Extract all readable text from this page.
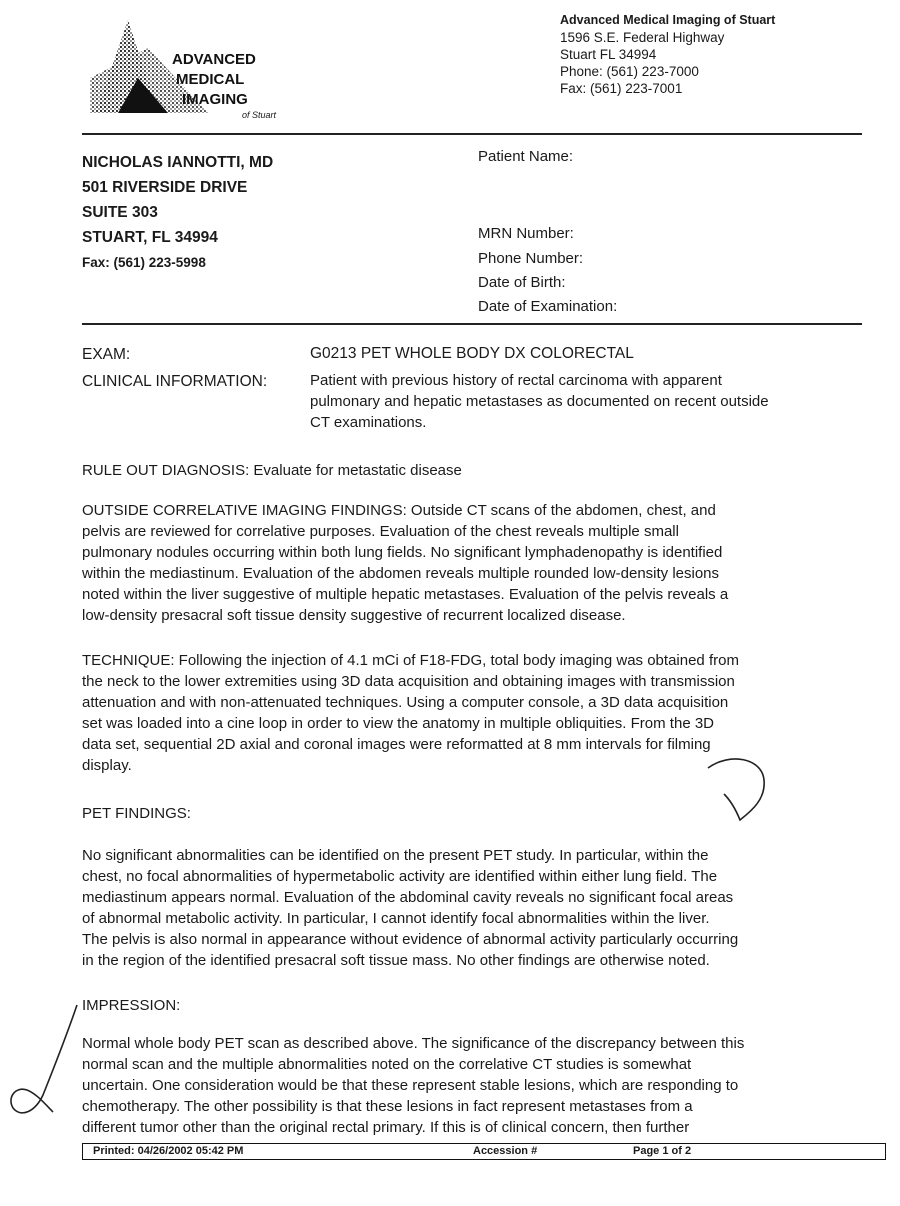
ADVANCED
MEDICAL
IMAGING
of Stuart
Advanced Medical Imaging of Stuart
1596 S.E. Federal Highway
Stuart FL 34994
Phone: (561) 223-7000
Fax: (561) 223-7001
NICHOLAS IANNOTTI, MD
501 RIVERSIDE DRIVE
SUITE 303
STUART, FL 34994
Fax: (561) 223-5998
Patient Name:
MRN Number:
Phone Number:
Date of Birth:
Date of Examination:
EXAM:	G0213 PET WHOLE BODY DX COLORECTAL
CLINICAL INFORMATION:	Patient with previous history of rectal carcinoma with apparent
pulmonary and hepatic metastases as documented on recent outside
CT examinations.
RULE OUT DIAGNOSIS: Evaluate for metastatic disease
OUTSIDE CORRELATIVE IMAGING FINDINGS: Outside CT scans of the abdomen, chest, and
pelvis are reviewed for correlative purposes. Evaluation of the chest reveals multiple small
pulmonary nodules occurring within both lung fields. No significant lymphadenopathy is identified
within the mediastinum. Evaluation of the abdomen reveals multiple rounded low-density lesions
noted within the liver suggestive of multiple hepatic metastases. Evaluation of the pelvis reveals a
low-density presacral soft tissue density suggestive of recurrent localized disease.
TECHNIQUE: Following the injection of 4.1 mCi of F18-FDG, total body imaging was obtained from
the neck to the lower extremities using 3D data acquisition and obtaining images with transmission
attenuation and with non-attenuated techniques. Using a computer console, a 3D data acquisition
set was loaded into a cine loop in order to view the anatomy in multiple obliquities. From the 3D
data set, sequential 2D axial and coronal images were reformatted at 8 mm intervals for filming
display.
PET FINDINGS:
No significant abnormalities can be identified on the present PET study. In particular, within the
chest, no focal abnormalities of hypermetabolic activity are identified within either lung field. The
mediastinum appears normal. Evaluation of the abdominal cavity reveals no significant focal areas
of abnormal metabolic activity. In particular, I cannot identify focal abnormalities within the liver.
The pelvis is also normal in appearance without evidence of abnormal activity particularly occurring
in the region of the identified presacral soft tissue mass. No other findings are otherwise noted.
IMPRESSION:
Normal whole body PET scan as described above. The significance of the discrepancy between this
normal scan and the multiple abnormalities noted on the correlative CT studies is somewhat
uncertain. One consideration would be that these represent stable lesions, which are responding to
chemotherapy. The other possibility is that these lesions in fact represent metastases from a
different tumor other than the original rectal primary. If this is of clinical concern, then further
Printed: 04/26/2002 05:42 PM	Accession #	Page 1 of 2
